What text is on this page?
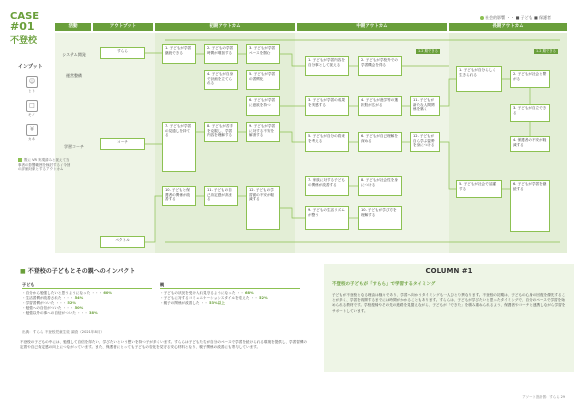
CASE
#01
不登校
社会的影響 ・・ ■ 子ども ■ 保護者
活動	アウトプット	初期アウトカム	中期アウトカム	長期アウトカム
システム開発
運営整備
学習コーチ
すらら
コーチ
ベクトル
1. 子どもが学習継続できる
2. 子どもの学習時間が増加する
3. 子どもが学習ペースを掴む
4. 子どもが自身で計画を立てられる
5. 子どもが学習の習慣化
6. 子どもが学習に意欲を持つ
7. 子どもが学習の見通しを持てる
8. 子どもが苦手を克服し、学習内容を理解する
9. 子どもが学習に対する不安を解消する
10. 子どもと保護者の関係が改善する
11. 子どもの自己肯定感が高まる
12. 子どもの学習面の不安が軽減する
1. 子どもが学習内容を自分事として捉える
2. 子どもが学校外での学習機会を得る
3. 子どもが学習の成果を実感する
4. 子どもが進学等の選択肢が広がる
5. 子どもが自分の将来を考える
6. 子どもが自己理解を深める
7. 家族に対する子どもの関係が改善する
8. 子どもが社会性を身につける
9. 子どもの生活リズムが整う
10. 子どもが学び方を理解する
11. 子どもが新たな人間関係を築く
12. 子どもが自ら学ぶ姿勢を身につける
1.2 期できる
1. 子どもが自分らしく生きられる	2. 子どもが社会と繋がる
3. 子どもが自立できる
4. 保護者の不安が軽減する
5. 子どもが社会で活躍する
6. 子どもが学習を継続する
1.2 期できる
インプット
☺
ヒト
□
モノ
¥
カネ
既に VR 実現済みと捉えて当事者の影響範囲を検討する / 今回の評価対象とするアウトカム
■ 不登校の子どもとその親へのインパクト
子ども	親
・自分から勉強したいと思うようになった ・・・ 60%
・生活習慣が改善された ・・・ 54%
・学習習慣がついた ・・・ 52%
・勉強への自信がついた ・・・ 50%
・勉強以外の事への自信がついた ・・・ 38%
・子どもの状況を受け入れ見守るようになった ・・ 68%
・子どもに対するコミュニケーションスタイルを変えた ・・ 52%
・親子の関係が改善した ・・ 53%以上
出典：すらら 不登校児童生徒 調査（2021年8月）
不登校の子どもの中には、勉強して自信を得たい、学びたいという想いを持つ子が多くいます。すららは子どもたちが自分のペースで学習を続けられる環境を提供し、学習習慣の定着や自己肯定感の向上につながっています。また、保護者にとっても子どもの変化を見守る安心材料となり、親子関係の改善にも寄与しています。
COLUMN #1
不登校の子どもが「すらら」で学習するタイミング
子どもが不登校となる理由は様々であり、学習へ向かうタイミングも一人ひとり異なります。不登校の初期は、子どもの心身の回復を優先することが多く、学習を再開するまでには時間がかかることもあります。すららは、子どもが学びたいと思ったタイミングで、自分のペースで学習を始められる教材です。学校復帰やその先の進路を見据えながら、子どもが「できた」を積み重ねられるよう、保護者やコーチと連携しながら学習をサポートしています。
アソート設計図：すらら 29
